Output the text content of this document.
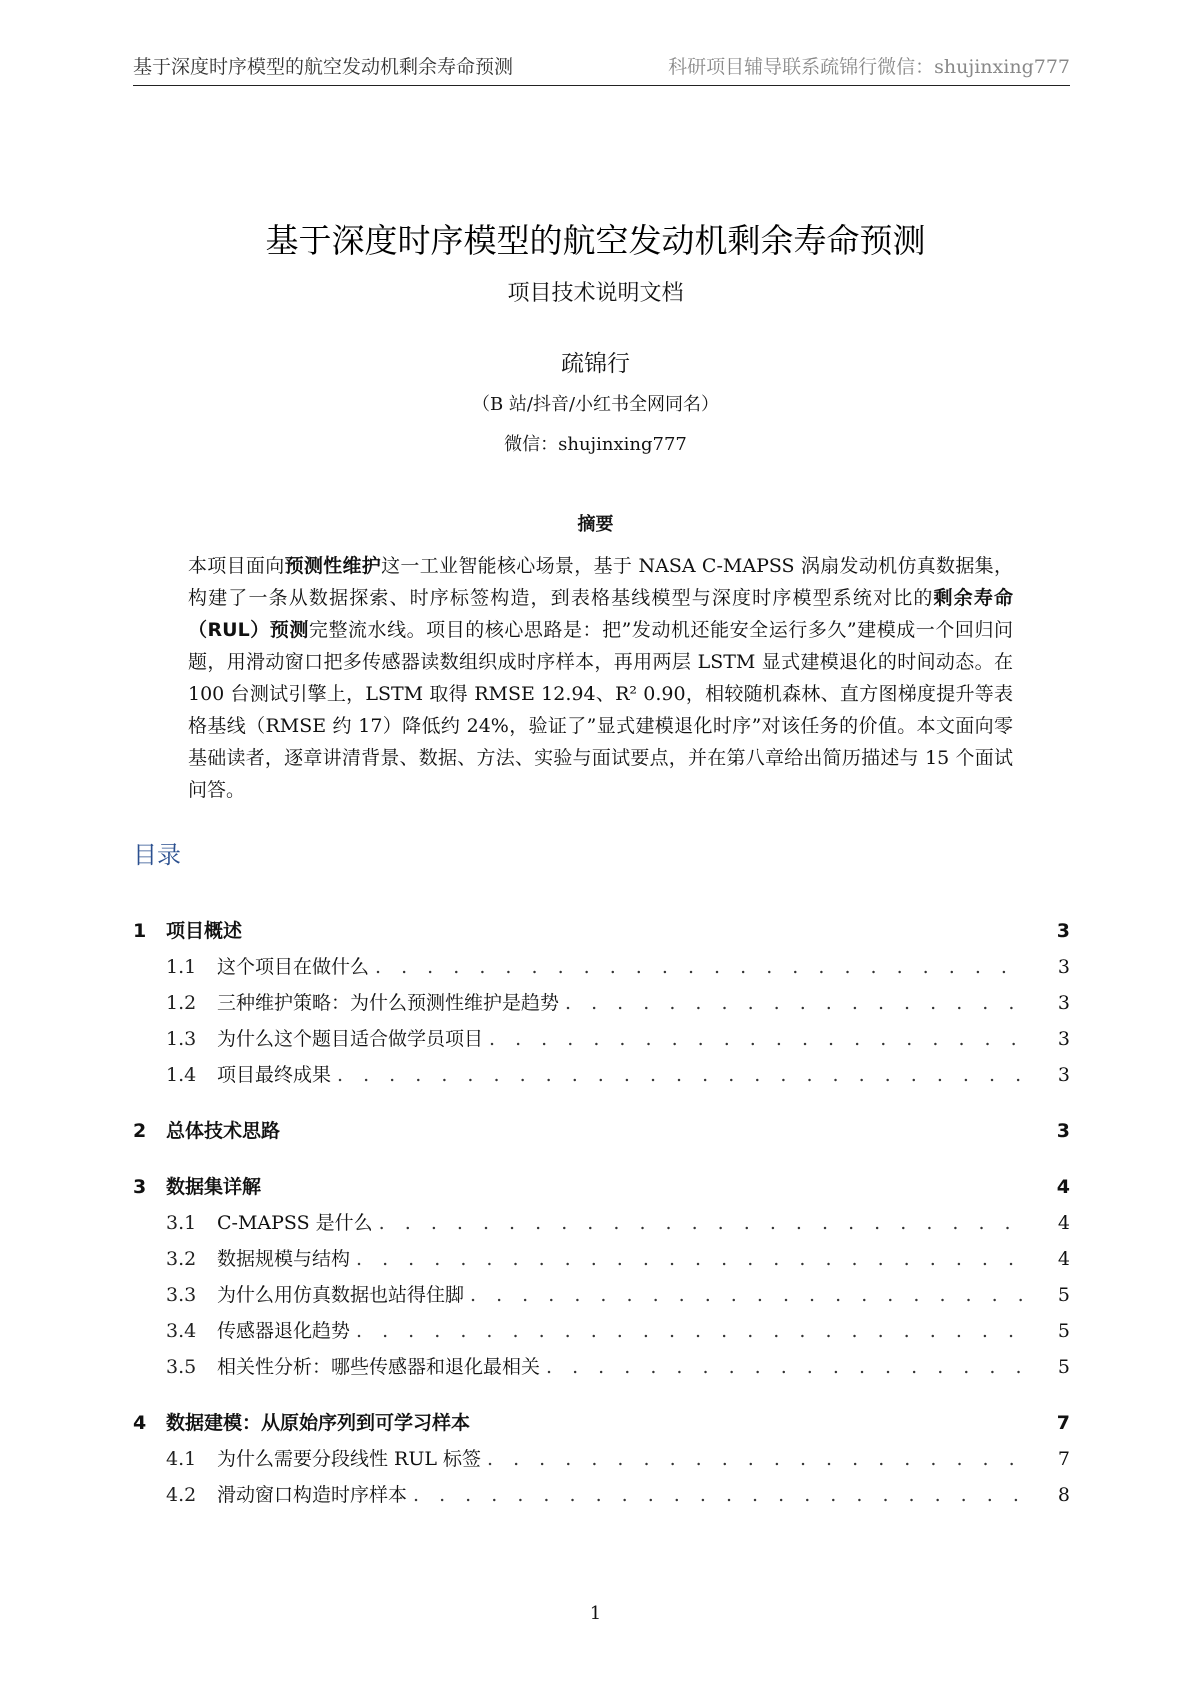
基于深度时序模型的航空发动机剩余寿命预测	科研项目辅导联系疏锦行微信：shujinxing777
基于深度时序模型的航空发动机剩余寿命预测
项目技术说明文档
疏锦行
（B 站/抖音/小红书全网同名）
微信：shujinxing777
摘要
本项目面向预测性维护这一工业智能核心场景，基于 NASA C-MAPSS 涡扇发动机仿真数据集，构建了一条从数据探索、时序标签构造，到表格基线模型与深度时序模型系统对比的剩余寿命（RUL）预测完整流水线。项目的核心思路是：把”发动机还能安全运行多久”建模成一个回归问题，用滑动窗口把多传感器读数组织成时序样本，再用两层 LSTM 显式建模退化的时间动态。在 100 台测试引擎上，LSTM 取得 RMSE 12.94、R² 0.90，相较随机森林、直方图梯度提升等表格基线（RMSE 约 17）降低约 24%，验证了”显式建模退化时序”对该任务的价值。本文面向零基础读者，逐章讲清背景、数据、方法、实验与面试要点，并在第八章给出简历描述与 15 个面试问答。
目录
1	项目概述	3
1.1	这个项目在做什么 . . .	3
1.2	三种维护策略：为什么预测性维护是趋势 . . .	3
1.3	为什么这个题目适合做学员项目 . . .	3
1.4	项目最终成果 . . .	3
2	总体技术思路	3
3	数据集详解	4
3.1	C-MAPSS 是什么 . . .	4
3.2	数据规模与结构 . . .	4
3.3	为什么用仿真数据也站得住脚 . . .	5
3.4	传感器退化趋势 . . .	5
3.5	相关性分析：哪些传感器和退化最相关 . . .	5
4	数据建模：从原始序列到可学习样本	7
4.1	为什么需要分段线性 RUL 标签 . . .	7
4.2	滑动窗口构造时序样本 . . .	8
1
